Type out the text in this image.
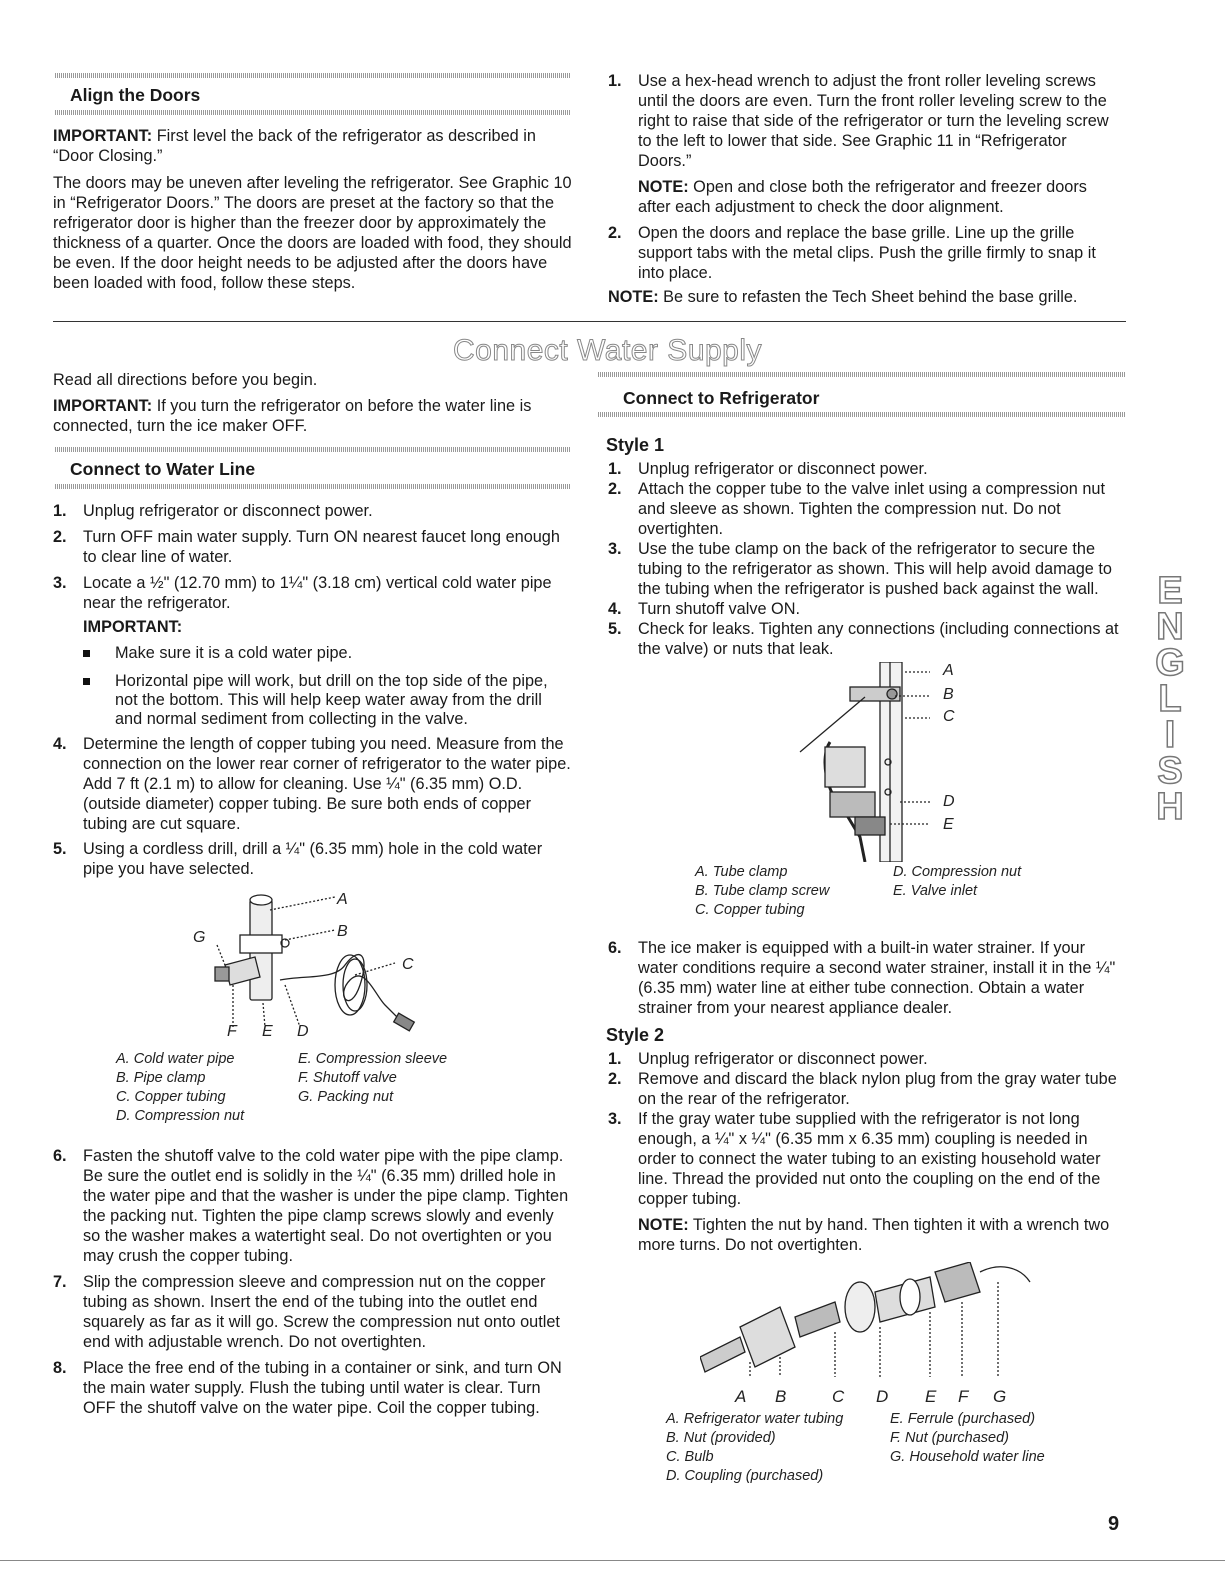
Align the Doors

IMPORTANT: First level the back of the refrigerator as described in “Door Closing.”

The doors may be uneven after leveling the refrigerator. See Graphic 10 in “Refrigerator Doors.” The doors are preset at the factory so that the refrigerator door is higher than the freezer door by approximately the thickness of a quarter. Once the doors are loaded with food, they should be even. If the door height needs to be adjusted after the doors have been loaded with food, follow these steps.

1. Use a hex-head wrench to adjust the front roller leveling screws until the doors are even. Turn the front roller leveling screw to the right to raise that side of the refrigerator or turn the leveling screw to the left to lower that side. See Graphic 11 in “Refrigerator Doors.”
NOTE: Open and close both the refrigerator and freezer doors after each adjustment to check the door alignment.
2. Open the doors and replace the base grille. Line up the grille support tabs with the metal clips. Push the grille firmly to snap it into place.

NOTE: Be sure to refasten the Tech Sheet behind the base grille.

Connect Water Supply

Read all directions before you begin.

IMPORTANT: If you turn the refrigerator on before the water line is connected, turn the ice maker OFF.

Connect to Water Line
1. Unplug refrigerator or disconnect power.
2. Turn OFF main water supply. Turn ON nearest faucet long enough to clear line of water.
3. Locate a ½" (12.70 mm) to 1¼" (3.18 cm) vertical cold water pipe near the refrigerator.
IMPORTANT:
Make sure it is a cold water pipe.
Horizontal pipe will work, but drill on the top side of the pipe, not the bottom. This will help keep water away from the drill and normal sediment from collecting in the valve.
4. Determine the length of copper tubing you need. Measure from the connection on the lower rear corner of refrigerator to the water pipe. Add 7 ft (2.1 m) to allow for cleaning. Use ¼" (6.35 mm) O.D. (outside diameter) copper tubing. Be sure both ends of copper tubing are cut square.
5. Using a cordless drill, drill a ¼" (6.35 mm) hole in the cold water pipe you have selected.
A
B
C
G
F E D
A. Cold water pipe
B. Pipe clamp
C. Copper tubing
D. Compression nut
E. Compression sleeve
F. Shutoff valve
G. Packing nut
6. Fasten the shutoff valve to the cold water pipe with the pipe clamp. Be sure the outlet end is solidly in the ¼" (6.35 mm) drilled hole in the water pipe and that the washer is under the pipe clamp. Tighten the packing nut. Tighten the pipe clamp screws slowly and evenly so the washer makes a watertight seal. Do not overtighten or you may crush the copper tubing.
7. Slip the compression sleeve and compression nut on the copper tubing as shown. Insert the end of the tubing into the outlet end squarely as far as it will go. Screw the compression nut onto outlet end with adjustable wrench. Do not overtighten.
8. Place the free end of the tubing in a container or sink, and turn ON the main water supply. Flush the tubing until water is clear. Turn OFF the shutoff valve on the water pipe. Coil the copper tubing.
Connect to Refrigerator
Style 1
1. Unplug refrigerator or disconnect power.
2. Attach the copper tube to the valve inlet using a compression nut and sleeve as shown. Tighten the compression nut. Do not overtighten.
3. Use the tube clamp on the back of the refrigerator to secure the tubing to the refrigerator as shown. This will help avoid damage to the tubing when the refrigerator is pushed back against the wall.
4. Turn shutoff valve ON.
5. Check for leaks. Tighten any connections (including connections at the valve) or nuts that leak.
A
B
C
D
E
A. Tube clamp
B. Tube clamp screw
C. Copper tubing
D. Compression nut
E. Valve inlet
6. The ice maker is equipped with a built-in water strainer. If your water conditions require a second water strainer, install it in the ¼" (6.35 mm) water line at either tube connection. Obtain a water strainer from your nearest appliance dealer.
Style 2
1. Unplug refrigerator or disconnect power.
2. Remove and discard the black nylon plug from the gray water tube on the rear of the refrigerator.
3. If the gray water tube supplied with the refrigerator is not long enough, a ¼" x ¼" (6.35 mm x 6.35 mm) coupling is needed in order to connect the water tubing to an existing household water line. Thread the provided nut onto the coupling on the end of the copper tubing.
NOTE: Tighten the nut by hand. Then tighten it with a wrench two more turns. Do not overtighten.
A B	C D E F G
A. Refrigerator water tubing
B. Nut (provided)
C. Bulb
D. Coupling (purchased)
E. Ferrule (purchased)
F. Nut (purchased)
G. Household water line
ENGLISH
9
